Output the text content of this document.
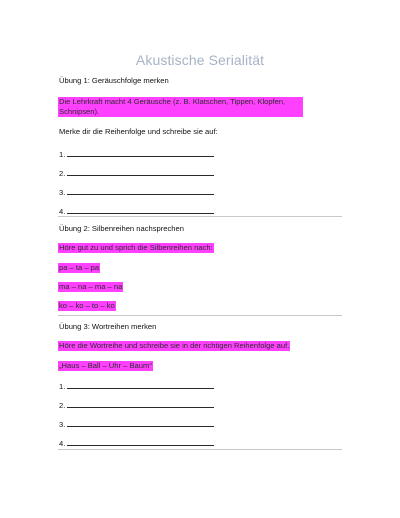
Akustische Serialität
Übung 1: Geräuschfolge merken
Die Lehrkraft macht 4 Geräusche (z. B. Klatschen, Tippen, Klopfen, Schnipsen).
Merke dir die Reihenfolge und schreibe sie auf:
1.
2.
3.
4.
Übung 2: Silbenreihen nachsprechen
Höre gut zu und sprich die Silbenreihen nach:
pa – ta – pa
ma – na – ma – na
ko – ko – to – ko
Übung 3: Wortreihen merken
Höre die Wortreihe und schreibe sie in der richtigen Reihenfolge auf.
„Haus – Ball – Uhr – Baum“
1.
2.
3.
4.
